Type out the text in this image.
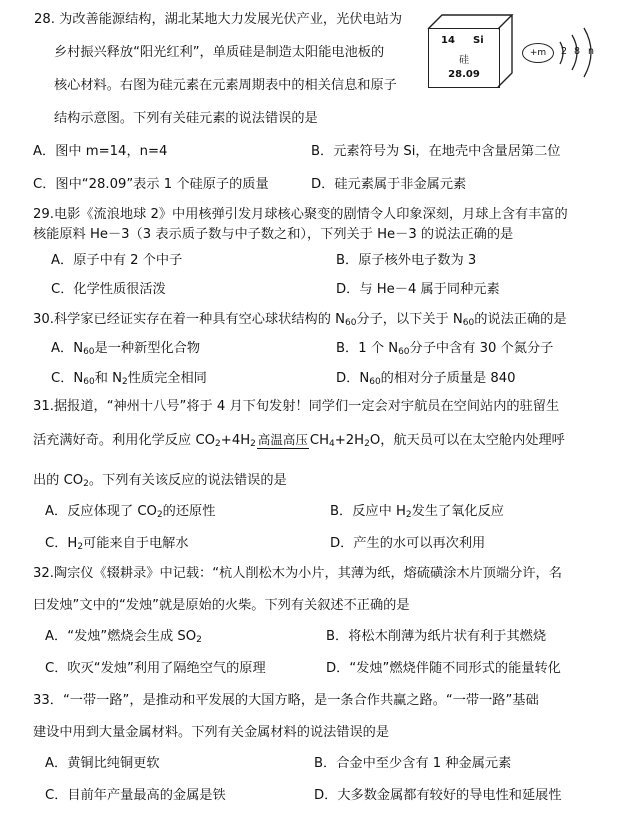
28. 为改善能源结构，湖北某地大力发展光伏产业，光伏电站为
乡村振兴释放“阳光红利”，单质硅是制造太阳能电池板的
核心材料。右图为硅元素在元素周期表中的相关信息和原子
结构示意图。下列有关硅元素的说法错误的是
14 Si
硅
28.09
+m	2 8 n
A．图中 m=14，n=4	B．元素符号为 Si，在地壳中含量居第二位
C．图中“28.09”表示 1 个硅原子的质量	D．硅元素属于非金属元素
29.电影《流浪地球 2》中用核弹引发月球核心聚变的剧情令人印象深刻，月球上含有丰富的
核能原料 He－3（3 表示质子数与中子数之和），下列关于 He－3 的说法正确的是
A．原子中有 2 个中子	B．原子核外电子数为 3
C．化学性质很活泼	D．与 He－4 属于同种元素
30.科学家已经证实存在着一种具有空心球状结构的 $N_{60}$分子，以下关于 $N_{60}$的说法正确的是
A．$N_{60}$是一种新型化合物	B．1 个 $N_{60}$分子中含有 30 个氮分子
C．$N_{60}$和 $N_2$性质完全相同	D．$N_{60}$的相对分子质量是 840
31.据报道，“神州十八号”将于 4 月下旬发射！同学们一定会对宇航员在空间站内的驻留生
活充满好奇。利用化学反应 $CO_2+4H_2$ 高温高压 $CH_4+2H_2O$，航天员可以在太空舱内处理呼
出的 $CO_2$。下列有关该反应的说法错误的是
A．反应体现了 $CO_2$的还原性	B．反应中 $H_2$发生了氧化反应
C．$H_2$可能来自于电解水	D．产生的水可以再次利用
32.陶宗仪《辍耕录》中记载：“杭人削松木为小片，其薄为纸，熔硫磺涂木片顶端分许，名
曰发烛”文中的“发烛”就是原始的火柴。下列有关叙述不正确的是
A．“发烛”燃烧会生成 $SO_2$	B．将松木削薄为纸片状有利于其燃烧
C．吹灭“发烛”利用了隔绝空气的原理	D．“发烛”燃烧伴随不同形式的能量转化
33．“一带一路”，是推动和平发展的大国方略，是一条合作共赢之路。“一带一路”基础
建设中用到大量金属材料。下列有关金属材料的说法错误的是
A．黄铜比纯铜更软	B．合金中至少含有 1 种金属元素
C．目前年产量最高的金属是铁	D．大多数金属都有较好的导电性和延展性
